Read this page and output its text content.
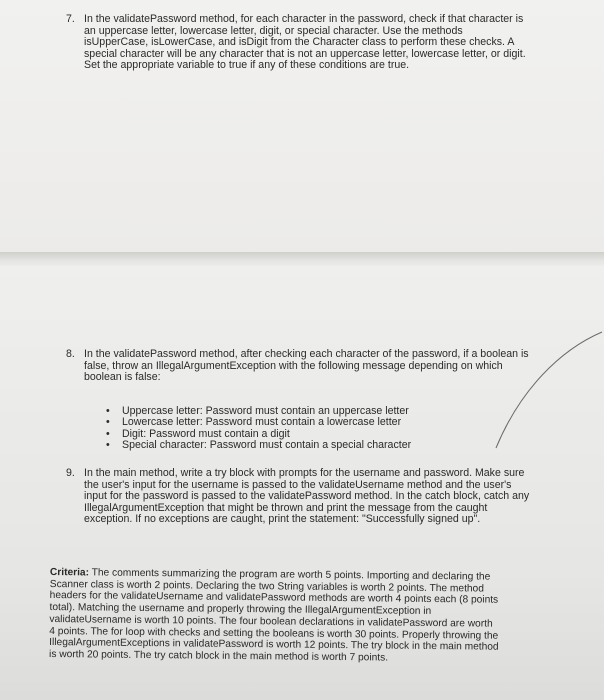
7. In the validatePassword method, for each character in the password, check if that character is an uppercase letter, lowercase letter, digit, or special character. Use the methods isUpperCase, isLowerCase, and isDigit from the Character class to perform these checks. A special character will be any character that is not an uppercase letter, lowercase letter, or digit. Set the appropriate variable to true if any of these conditions are true.
8. In the validatePassword method, after checking each character of the password, if a boolean is false, throw an IllegalArgumentException with the following message depending on which boolean is false:
• Uppercase letter: Password must contain an uppercase letter
• Lowercase letter: Password must contain a lowercase letter
• Digit: Password must contain a digit
• Special character: Password must contain a special character
9. In the main method, write a try block with prompts for the username and password. Make sure the user's input for the username is passed to the validateUsername method and the user's input for the password is passed to the validatePassword method. In the catch block, catch any IllegalArgumentException that might be thrown and print the message from the caught exception. If no exceptions are caught, print the statement: "Successfully signed up".
Criteria: The comments summarizing the program are worth 5 points. Importing and declaring the Scanner class is worth 2 points. Declaring the two String variables is worth 2 points. The method headers for the validateUsername and validatePassword methods are worth 4 points each (8 points total). Matching the username and properly throwing the IllegalArgumentException in validateUsername is worth 10 points. The four boolean declarations in validatePassword are worth 4 points. The for loop with checks and setting the booleans is worth 30 points. Properly throwing the IllegalArgumentExceptions in validatePassword is worth 12 points. The try block in the main method is worth 20 points. The try catch block in the main method is worth 7 points.
